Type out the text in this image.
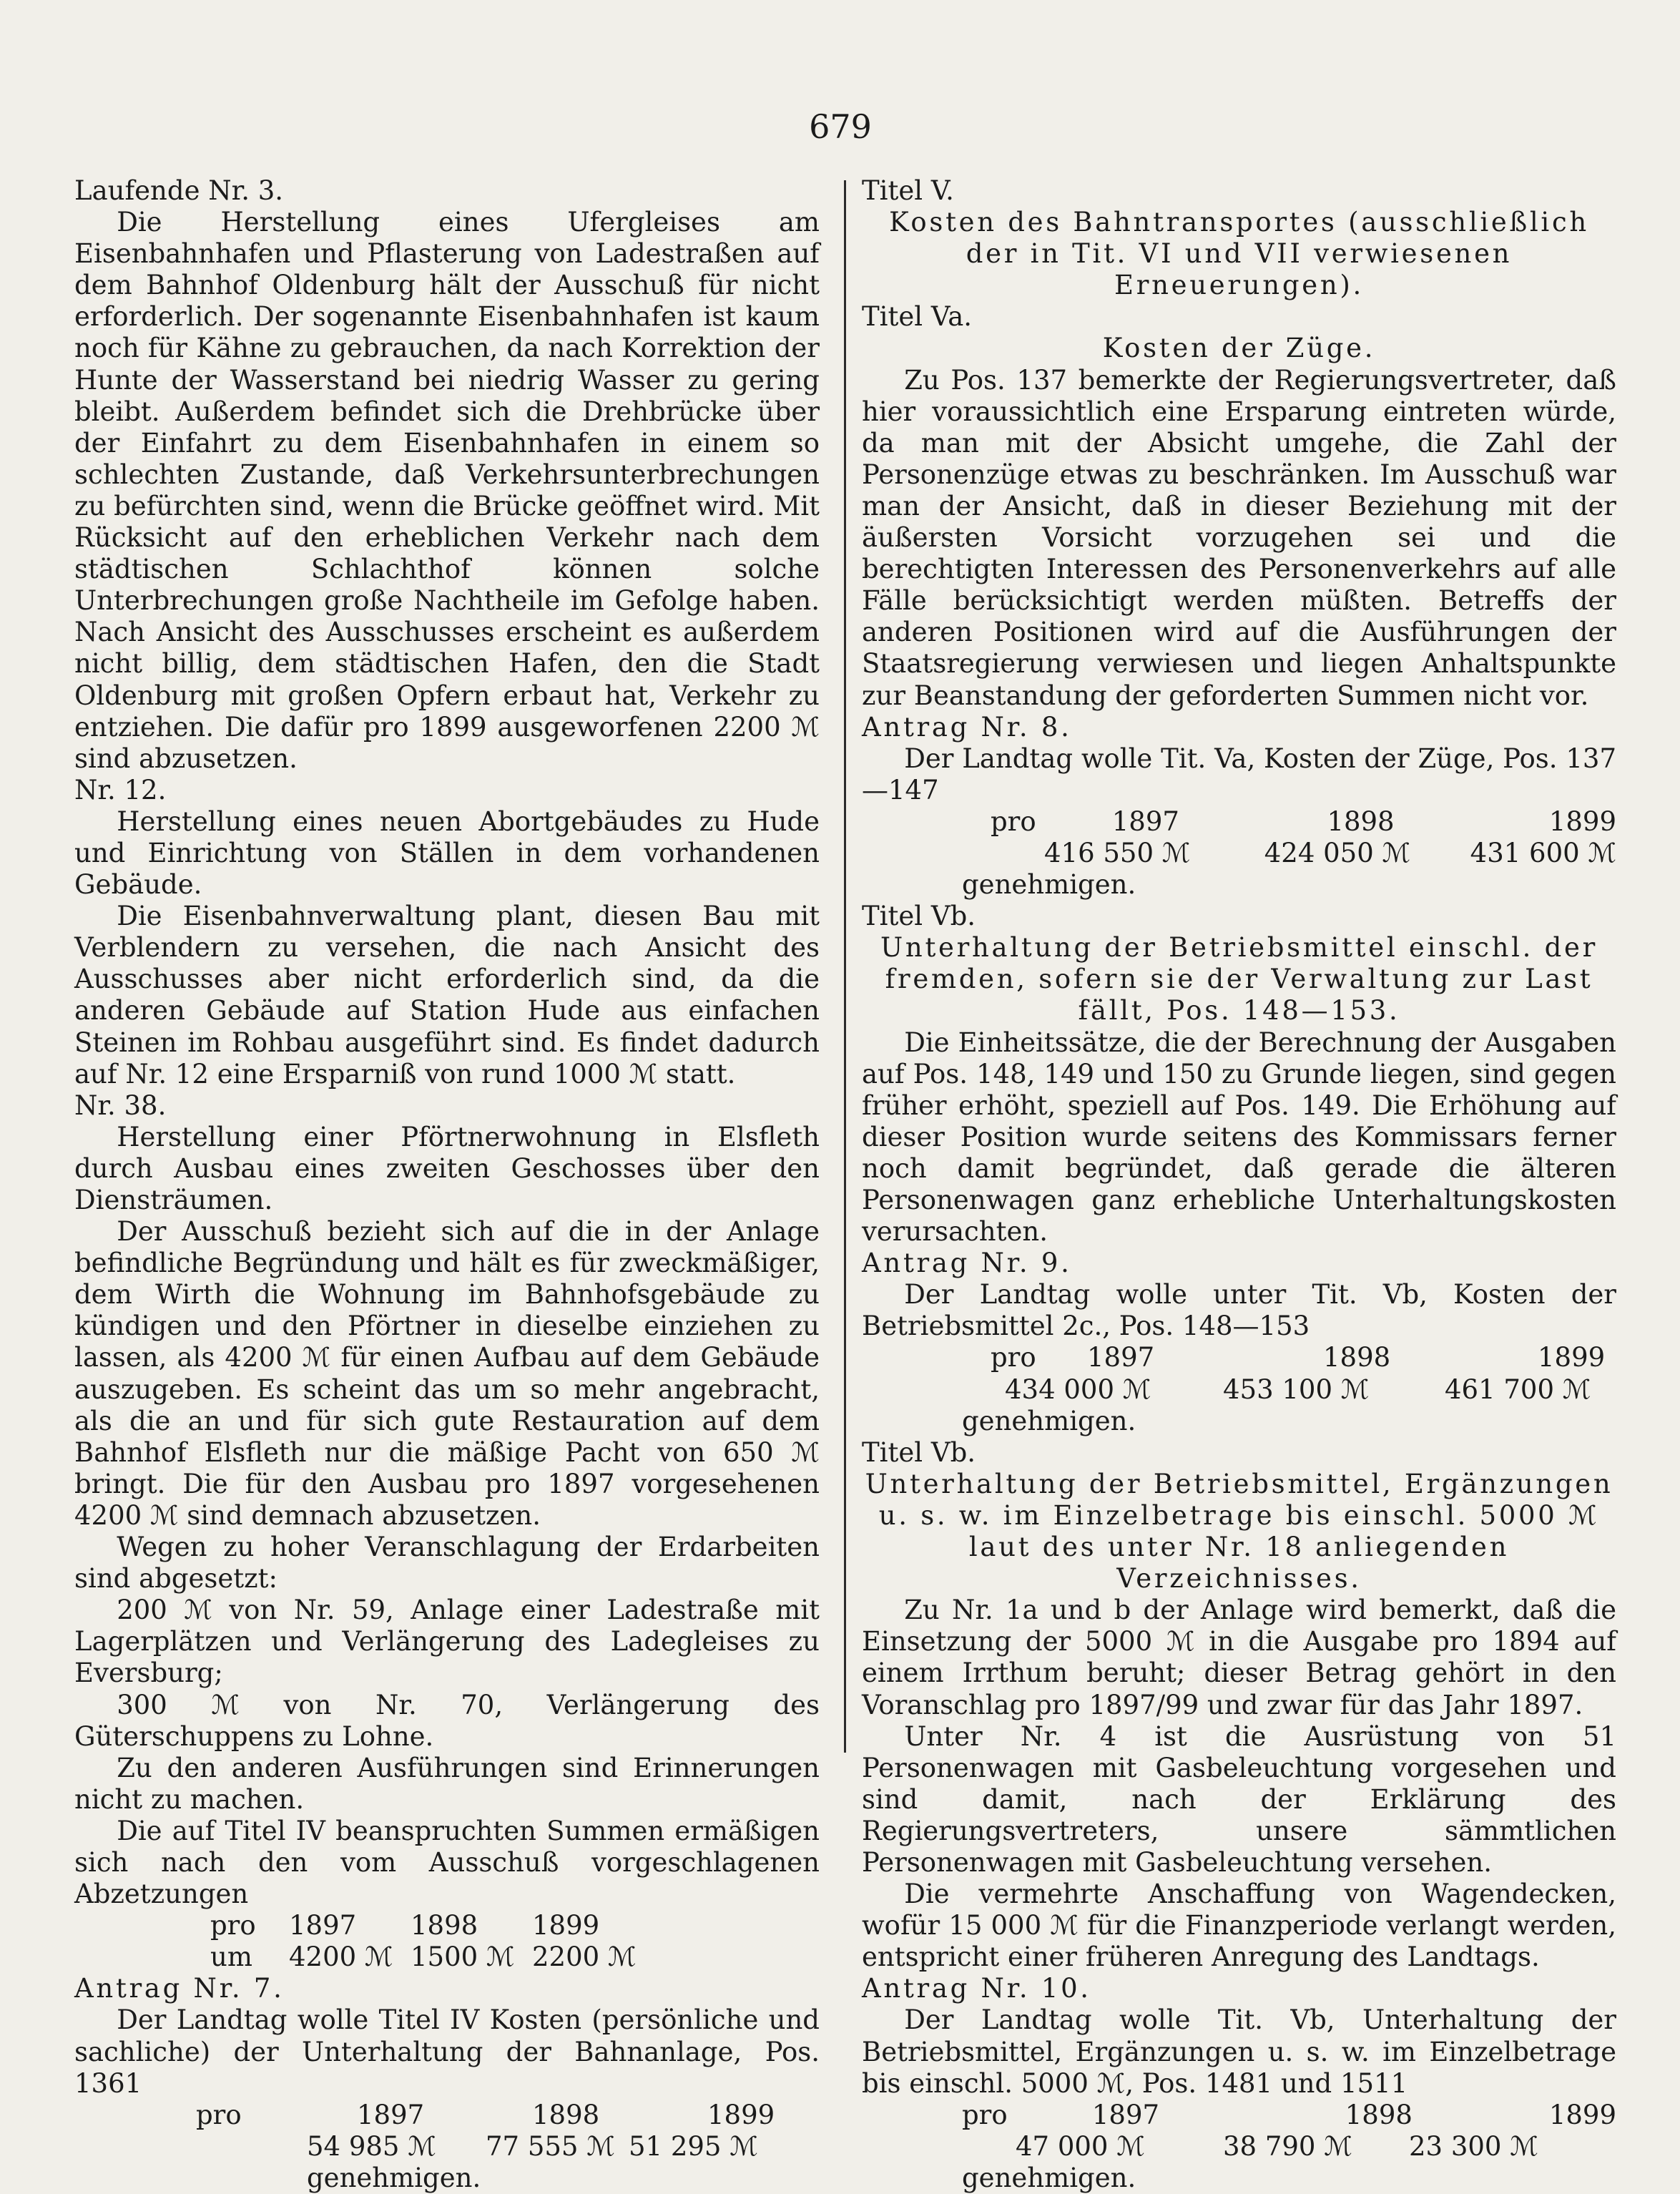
679

Laufende Nr. 3.

Die Herstellung eines Ufergleises am Eisenbahnhafen und Pflasterung von Ladestraßen auf dem Bahnhof Oldenburg hält der Ausschuß für nicht erforderlich. Der sogenannte Eisenbahnhafen ist kaum noch für Kähne zu gebrauchen, da nach Korrektion der Hunte der Wasserstand bei niedrig Wasser zu gering bleibt. Außerdem befindet sich die Drehbrücke über der Einfahrt zu dem Eisenbahnhafen in einem so schlechten Zustande, daß Verkehrsunterbrechungen zu befürchten sind, wenn die Brücke geöffnet wird. Mit Rücksicht auf den erheblichen Verkehr nach dem städtischen Schlachthof können solche Unterbrechungen große Nachtheile im Gefolge haben. Nach Ansicht des Ausschusses erscheint es außerdem nicht billig, dem städtischen Hafen, den die Stadt Oldenburg mit großen Opfern erbaut hat, Verkehr zu entziehen. Die dafür pro 1899 ausgeworfenen 2200 ℳ sind abzusetzen.

Nr. 12.

Herstellung eines neuen Abortgebäudes zu Hude und Einrichtung von Ställen in dem vorhandenen Gebäude.

Die Eisenbahnverwaltung plant, diesen Bau mit Verblendern zu versehen, die nach Ansicht des Ausschusses aber nicht erforderlich sind, da die anderen Gebäude auf Station Hude aus einfachen Steinen im Rohbau ausgeführt sind. Es findet dadurch auf Nr. 12 eine Ersparniß von rund 1000 ℳ statt.

Nr. 38.

Herstellung einer Pförtnerwohnung in Elsfleth durch Ausbau eines zweiten Geschosses über den Diensträumen.

Der Ausschuß bezieht sich auf die in der Anlage befindliche Begründung und hält es für zweckmäßiger, dem Wirth die Wohnung im Bahnhofsgebäude zu kündigen und den Pförtner in dieselbe einziehen zu lassen, als 4200 ℳ für einen Aufbau auf dem Gebäude auszugeben. Es scheint das um so mehr angebracht, als die an und für sich gute Restauration auf dem Bahnhof Elsfleth nur die mäßige Pacht von 650 ℳ bringt. Die für den Ausbau pro 1897 vorgesehenen 4200 ℳ sind demnach abzusetzen.

Wegen zu hoher Veranschlagung der Erdarbeiten sind abgesetzt:

200 ℳ von Nr. 59, Anlage einer Ladestraße mit Lagerplätzen und Verlängerung des Ladegleises zu Eversburg;

300 ℳ von Nr. 70, Verlängerung des Güterschuppens zu Lohne.

Zu den anderen Ausführungen sind Erinnerungen nicht zu machen.

Die auf Titel IV beanspruchten Summen ermäßigen sich nach den vom Ausschuß vorgeschlagenen Abzetzungen

pro	1897	1898	1899
um	4200 ℳ 1500 ℳ 2200 ℳ

Antrag Nr. 7.

Der Landtag wolle Titel IV Kosten (persönliche und sachliche) der Unterhaltung der Bahnanlage, Pos. 1361

pro	1897	1898	1899
54 985 ℳ	77 555 ℳ 51 295 ℳ
genehmigen.

Titel V.

Kosten des Bahntransportes (ausschließlich der in Tit. VI und VII verwiesenen Erneuerungen).

Titel Va.

Kosten der Züge.

Zu Pos. 137 bemerkte der Regierungsvertreter, daß hier voraussichtlich eine Ersparung eintreten würde, da man mit der Absicht umgehe, die Zahl der Personenzüge etwas zu beschränken. Im Ausschuß war man der Ansicht, daß in dieser Beziehung mit der äußersten Vorsicht vorzugehen sei und die berechtigten Interessen des Personenverkehrs auf alle Fälle berücksichtigt werden müßten. Betreffs der anderen Positionen wird auf die Ausführungen der Staatsregierung verwiesen und liegen Anhaltspunkte zur Beanstandung der geforderten Summen nicht vor.

Antrag Nr. 8.

Der Landtag wolle Tit. Va, Kosten der Züge, Pos. 137—147

pro	1897	1898	1899
416 550 ℳ	424 050 ℳ	431 600 ℳ
genehmigen.

Titel Vb.

Unterhaltung der Betriebsmittel einschl. der fremden, sofern sie der Verwaltung zur Last fällt, Pos. 148—153.

Die Einheitssätze, die der Berechnung der Ausgaben auf Pos. 148, 149 und 150 zu Grunde liegen, sind gegen früher erhöht, speziell auf Pos. 149. Die Erhöhung auf dieser Position wurde seitens des Kommissars ferner noch damit begründet, daß gerade die älteren Personenwagen ganz erhebliche Unterhaltungskosten verursachten.

Antrag Nr. 9.

Der Landtag wolle unter Tit. Vb, Kosten der Betriebsmittel 2c., Pos. 148—153

pro	1897	1898	1899
434 000 ℳ	453 100 ℳ	461 700 ℳ
genehmigen.

Titel Vb.

Unterhaltung der Betriebsmittel, Ergänzungen u. s. w. im Einzelbetrage bis einschl. 5000 ℳ laut des unter Nr. 18 anliegenden Verzeichnisses.

Zu Nr. 1a und b der Anlage wird bemerkt, daß die Einsetzung der 5000 ℳ in die Ausgabe pro 1894 auf einem Irrthum beruht; dieser Betrag gehört in den Voranschlag pro 1897/99 und zwar für das Jahr 1897.

Unter Nr. 4 ist die Ausrüstung von 51 Personenwagen mit Gasbeleuchtung vorgesehen und sind damit, nach der Erklärung des Regierungsvertreters, unsere sämmtlichen Personenwagen mit Gasbeleuchtung versehen.

Die vermehrte Anschaffung von Wagendecken, wofür 15 000 ℳ für die Finanzperiode verlangt werden, entspricht einer früheren Anregung des Landtags.

Antrag Nr. 10.

Der Landtag wolle Tit. Vb, Unterhaltung der Betriebsmittel, Ergänzungen u. s. w. im Einzelbetrage bis einschl. 5000 ℳ, Pos. 1481 und 1511

pro	1897	1898	1899
47 000 ℳ	38 790 ℳ	23 300 ℳ
genehmigen.
